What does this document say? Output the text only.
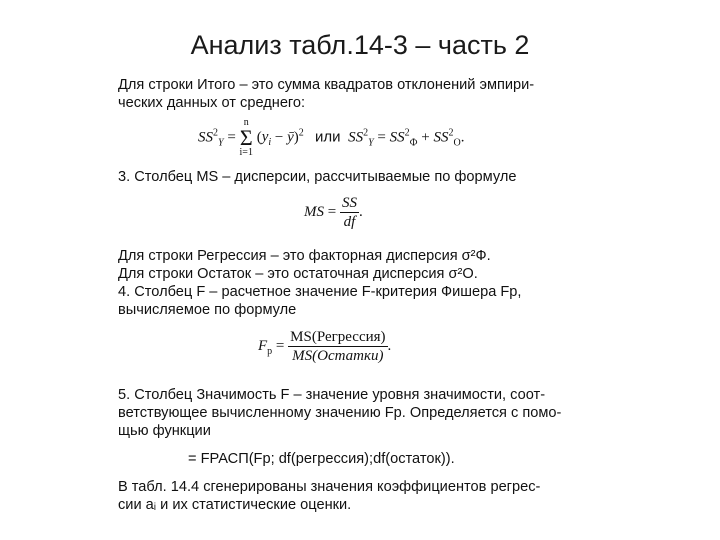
Анализ табл.14-3 – часть 2
Для строки Итого – это сумма квадратов отклонений эмпири-
ческих данных от среднего:
$SS^2_Y = n$
Σ
i=1 ($y_i$ − ȳ)$^2$ или $SS^2_Y = SS^2_Ф + SS^2_О$.
3. Столбец MS – дисперсии, рассчитываемые по формуле
MS = $\frac{SS}{df}$ .
Для строки Регрессия – это факторная дисперсия σ²Ф.
Для строки Остаток – это остаточная дисперсия σ²О.
4. Столбец F – расчетное значение F-критерия Фишера Fр,
вычисляемое по формуле
$F_р = \frac{\text{MS(Регрессия)}}{\text{MS(Остатки)}}$ .
5. Столбец Значимость F – значение уровня значимости, соот-
ветствующее вычисленному значению Fр. Определяется с помо-
щью функции
= FРАСП(Fр; df(регрессия);df(остаток)).
В табл. 14.4 сгенерированы значения коэффициентов регрес-
сии aᵢ и их статистические оценки.
